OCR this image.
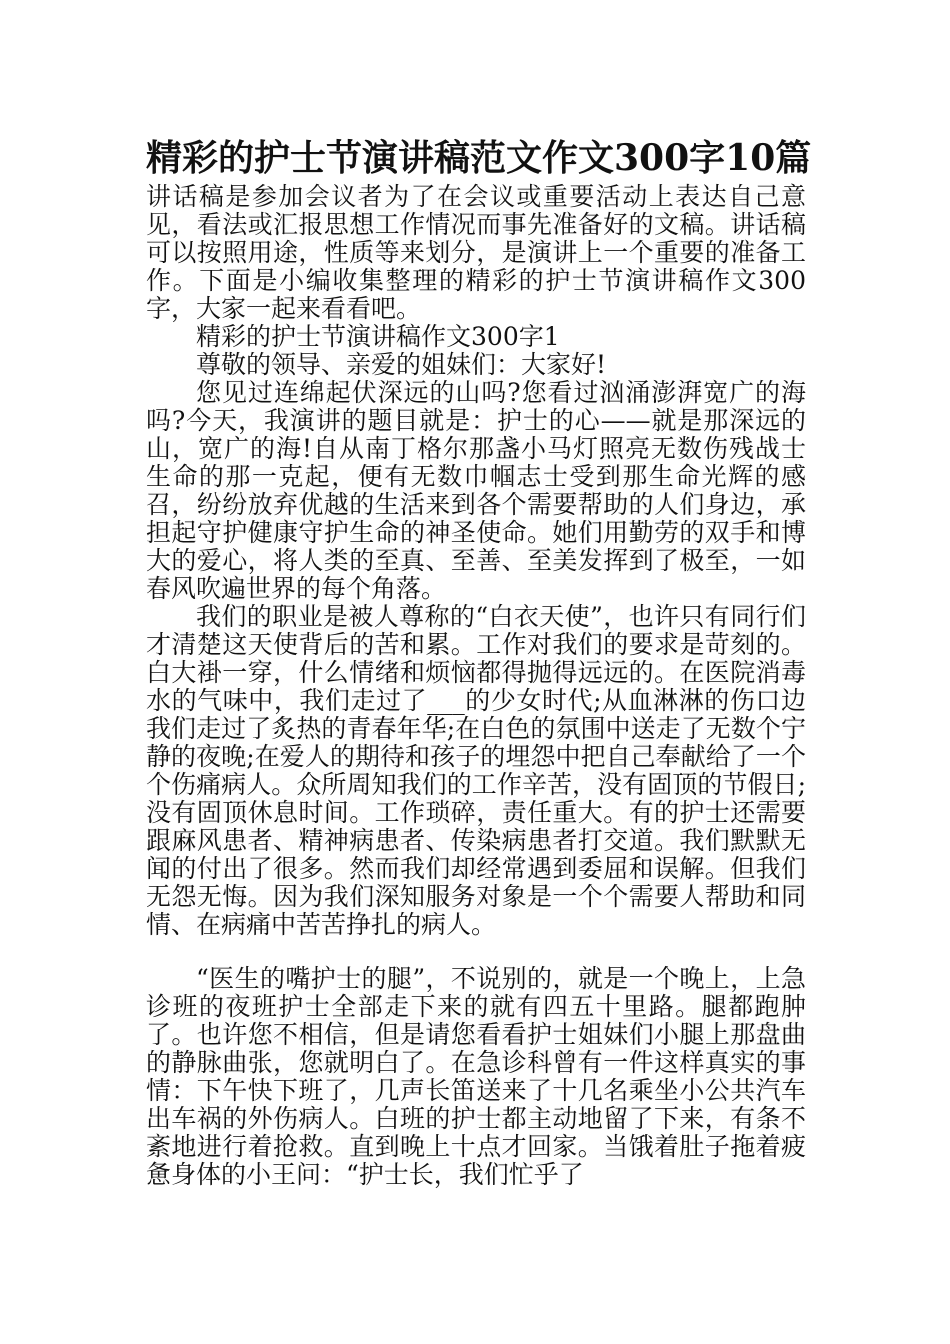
精彩的护士节演讲稿范文作文300字10篇

讲话稿是参加会议者为了在会议或重要活动上表达自己意见，看法或汇报思想工作情况而事先准备好的文稿。讲话稿可以按照用途，性质等来划分，是演讲上一个重要的准备工作。下面是小编收集整理的精彩的护士节演讲稿作文300字，大家一起来看看吧。

精彩的护士节演讲稿作文300字1

尊敬的领导、亲爱的姐妹们：大家好!

您见过连绵起伏深远的山吗?您看过汹涌澎湃宽广的海吗?今天，我演讲的题目就是：护士的心——就是那深远的山，宽广的海!自从南丁格尔那盏小马灯照亮无数伤残战士生命的那一克起，便有无数巾帼志士受到那生命光辉的感召，纷纷放弃优越的生活来到各个需要帮助的人们身边，承担起守护健康守护生命的神圣使命。她们用勤劳的双手和博大的爱心，将人类的至真、至善、至美发挥到了极至，一如春风吹遍世界的每个角落。

我们的职业是被人尊称的“白衣天使”，也许只有同行们才清楚这天使背后的苦和累。工作对我们的要求是苛刻的。白大褂一穿，什么情绪和烦恼都得抛得远远的。在医院消毒水的气味中，我们走过了___的少女时代;从血淋淋的伤口边我们走过了炙热的青春年华;在白色的氛围中送走了无数个宁静的夜晚;在爱人的期待和孩子的埋怨中把自己奉献给了一个个伤痛病人。众所周知我们的工作辛苦，没有固顶的节假日;没有固顶休息时间。工作琐碎，责任重大。有的护士还需要跟麻风患者、精神病患者、传染病患者打交道。我们默默无闻的付出了很多。然而我们却经常遇到委屈和误解。但我们无怨无悔。因为我们深知服务对象是一个个需要人帮助和同情、在病痛中苦苦挣扎的病人。

“医生的嘴护士的腿”，不说别的，就是一个晚上，上急诊班的夜班护士全部走下来的就有四五十里路。腿都跑肿了。也许您不相信，但是请您看看护士姐妹们小腿上那盘曲的静脉曲张，您就明白了。在急诊科曾有一件这样真实的事情：下午快下班了，几声长笛送来了十几名乘坐小公共汽车出车祸的外伤病人。白班的护士都主动地留了下来，有条不紊地进行着抢救。直到晚上十点才回家。当饿着肚子拖着疲惫身体的小王问：“护士长，我们忙乎了
